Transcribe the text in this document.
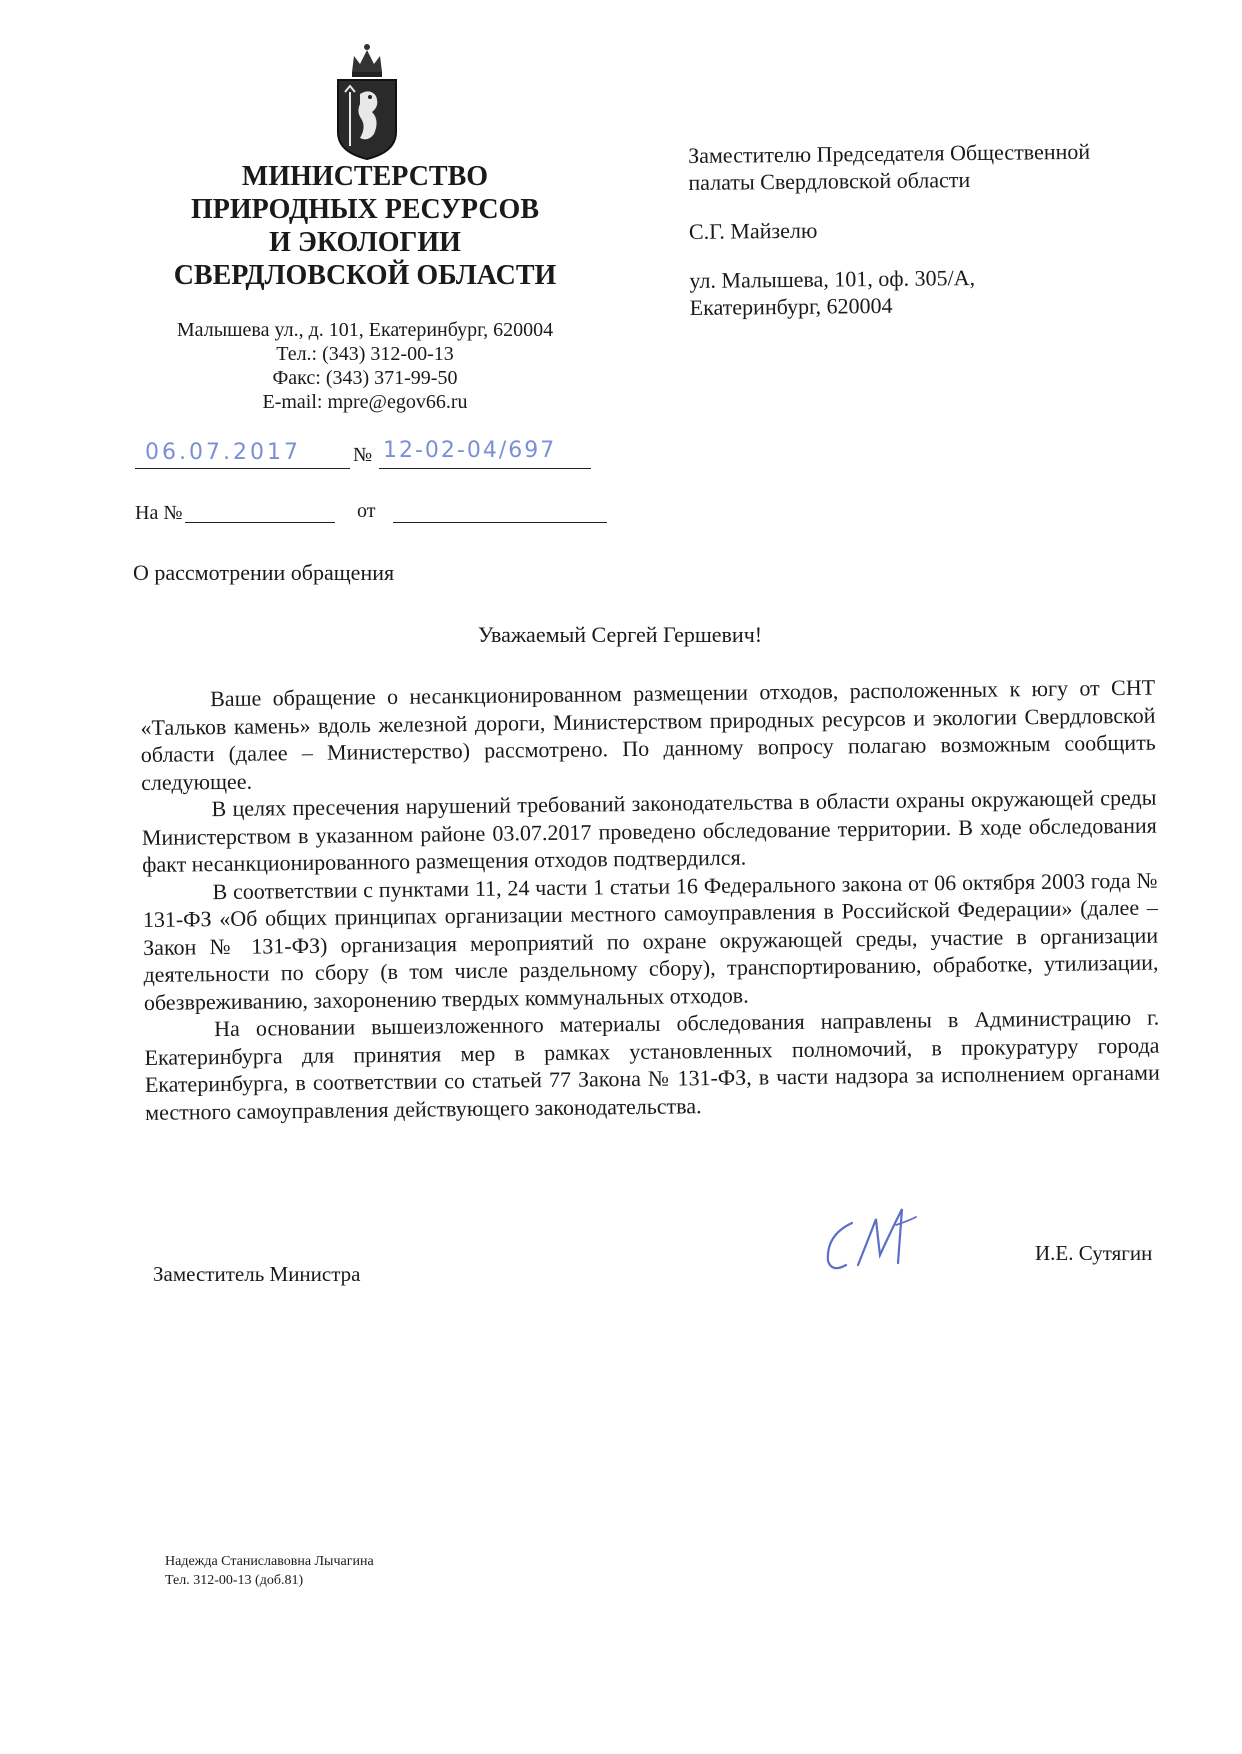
МИНИСТЕРСТВО
ПРИРОДНЫХ РЕСУРСОВ
И ЭКОЛОГИИ
СВЕРДЛОВСКОЙ ОБЛАСТИ
Малышева ул., д. 101, Екатеринбург, 620004
Тел.: (343) 312-00-13
Факс: (343) 371-99-50
E-mail: mpre@egov66.ru
06.07.2017	№ 12-02-04/697
На №	от
Заместителю Председателя Общественной
палаты Свердловской области
С.Г. Майзелю
ул. Малышева, 101, оф. 305/А,
Екатеринбург, 620004
О рассмотрении обращения
Уважаемый Сергей Гершевич!

Ваше обращение о несанкционированном размещении отходов, расположенных к югу от СНТ «Тальков камень» вдоль железной дороги, Министерством природных ресурсов и экологии Свердловской области (далее – Министерство) рассмотрено. По данному вопросу полагаю возможным сообщить следующее.

В целях пресечения нарушений требований законодательства в области охраны окружающей среды Министерством в указанном районе 03.07.2017 проведено обследование территории. В ходе обследования факт несанкционированного размещения отходов подтвердился.

В соответствии с пунктами 11, 24 части 1 статьи 16 Федерального закона от 06 октября 2003 года № 131-ФЗ «Об общих принципах организации местного самоуправления в Российской Федерации» (далее – Закон № 131-ФЗ) организация мероприятий по охране окружающей среды, участие в организации деятельности по сбору (в том числе раздельному сбору), транспортированию, обработке, утилизации, обезвреживанию, захоронению твердых коммунальных отходов.

На основании вышеизложенного материалы обследования направлены в Администрацию г. Екатеринбурга для принятия мер в рамках установленных полномочий, в прокуратуру города Екатеринбурга, в соответствии со статьей 77 Закона № 131-ФЗ, в части надзора за исполнением органами местного самоуправления действующего законодательства.

Заместитель Министра
И.Е. Сутягин
Надежда Станиславовна Лычагина
Тел. 312-00-13 (доб.81)
